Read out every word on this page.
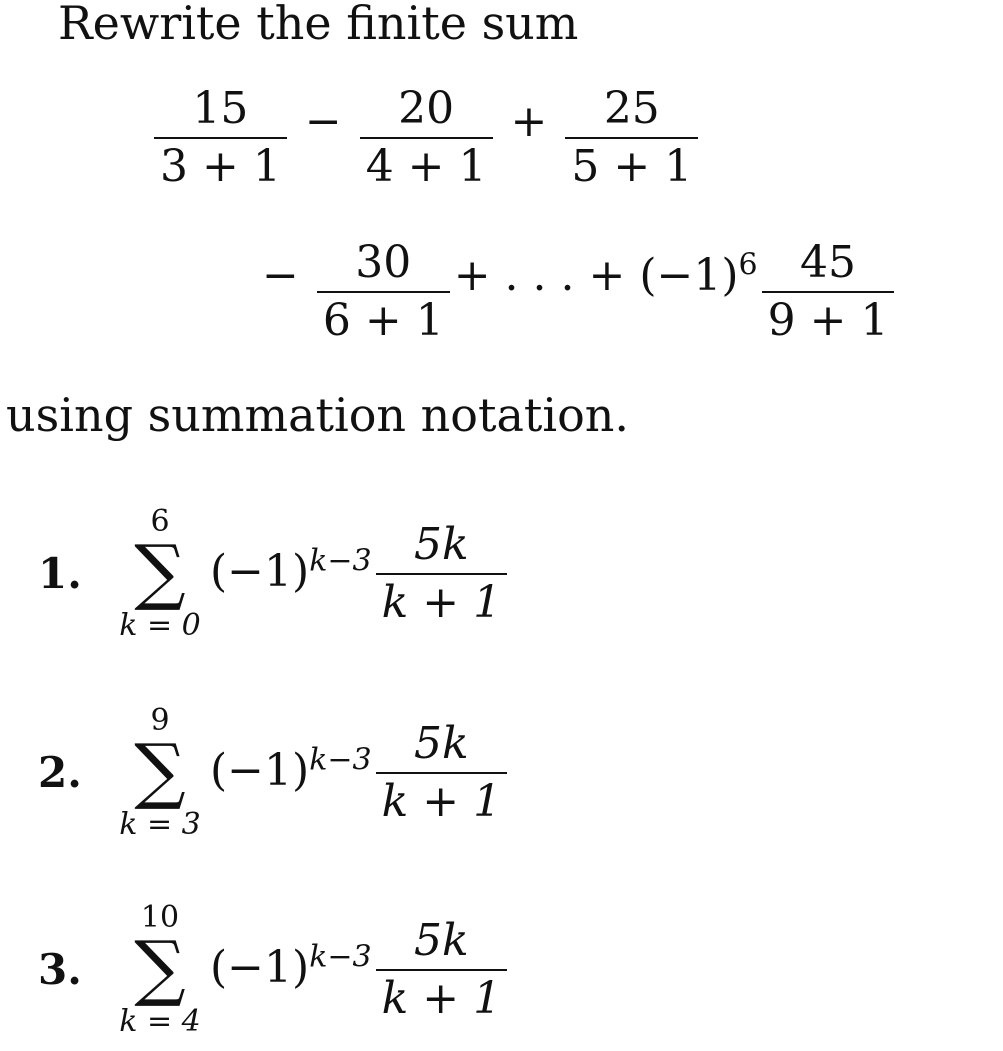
Rewrite the finite sum
$\frac{15}{3 + 1} - \frac{20}{4 + 1} + \frac{25}{5 + 1}$
− $\frac{30}{6 + 1}$ + . . . + $(-1)^6 \frac{45}{9 + 1}$
using summation notation.
1.
6
∑
k = 0
$(-1)^{k-3} \frac{5k}{k + 1}$
2.
9
∑
k = 3
$(-1)^{k-3} \frac{5k}{k + 1}$
3.
10
∑
k = 4
$(-1)^{k-3} \frac{5k}{k + 1}$
